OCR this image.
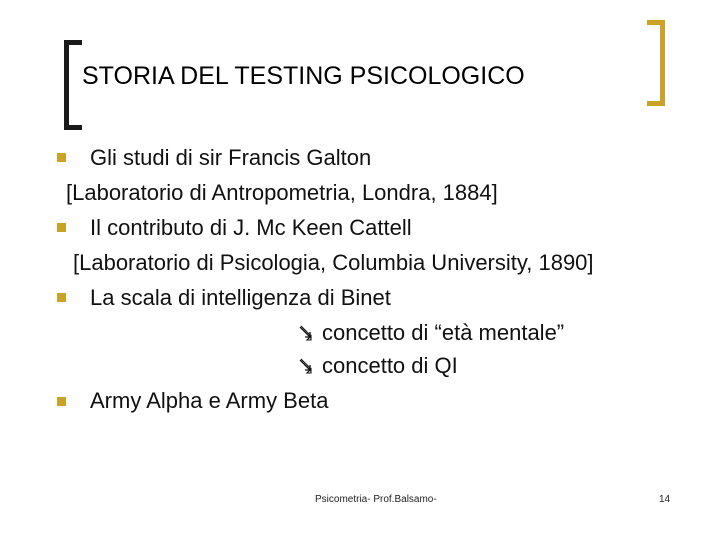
STORIA DEL TESTING PSICOLOGICO
Gli studi di sir Francis Galton
[Laboratorio di Antropometria, Londra, 1884]
Il contributo di J. Mc Keen Cattell
[Laboratorio di Psicologia, Columbia University, 1890]
La scala di intelligenza di Binet
concetto di “età mentale”
concetto di QI
Army Alpha e Army Beta
Psicometria- Prof.Balsamo-	14
